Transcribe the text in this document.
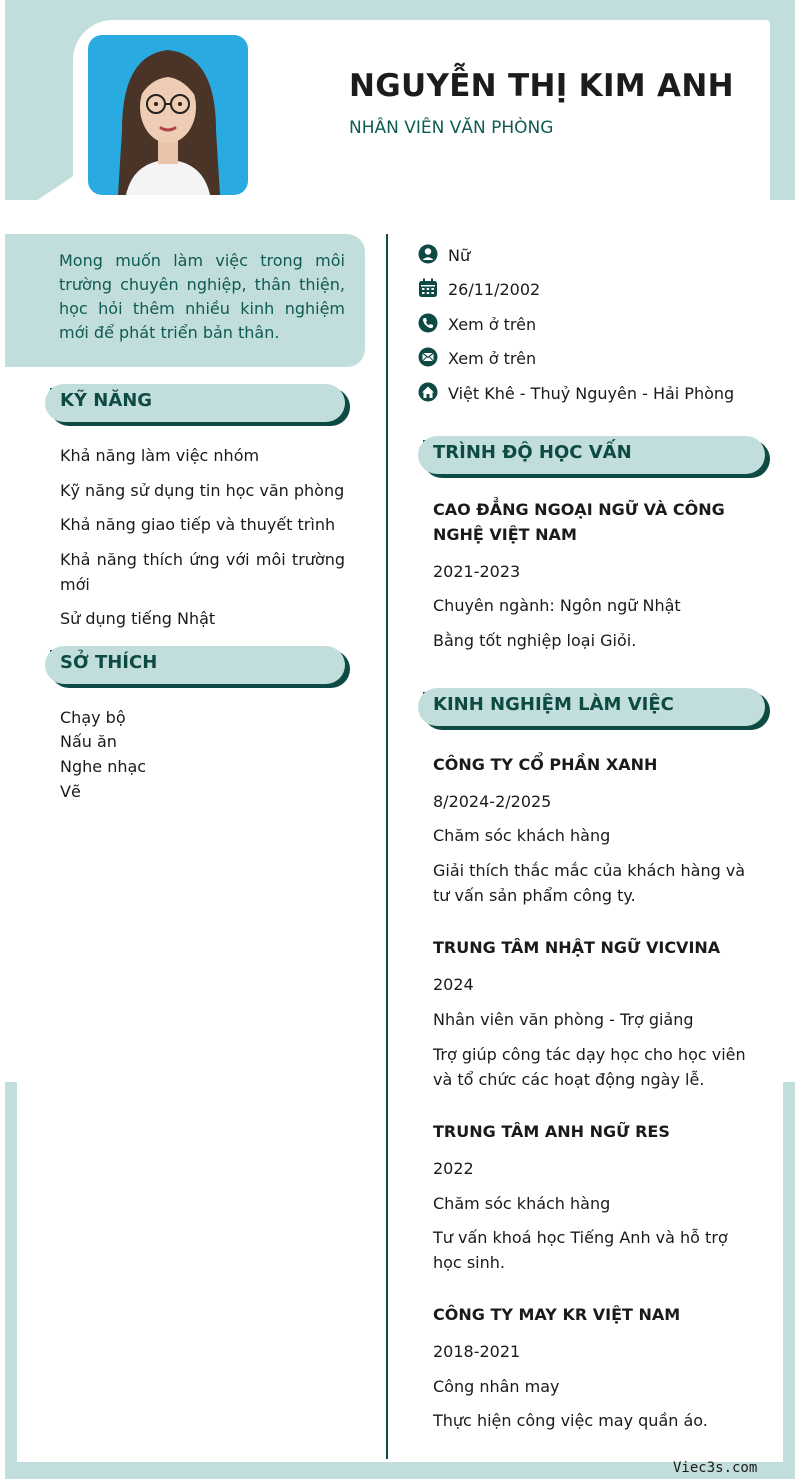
NGUYỄN THỊ KIM ANH
NHÂN VIÊN VĂN PHÒNG
Mong muốn làm việc trong môi trường chuyên nghiệp, thân thiện, học hỏi thêm nhiều kinh nghiệm mới để phát triển bản thân.
KỸ NĂNG
Khả năng làm việc nhóm
Kỹ năng sử dụng tin học văn phòng
Khả năng giao tiếp và thuyết trình
Khả năng thích ứng với môi trường mới
Sử dụng tiếng Nhật
SỞ THÍCH
Chạy bộ
Nấu ăn
Nghe nhạc
Vẽ
Nữ
26/11/2002
Xem ở trên
Xem ở trên
Việt Khê - Thuỷ Nguyên - Hải Phòng
TRÌNH ĐỘ HỌC VẤN
CAO ĐẲNG NGOẠI NGỮ VÀ CÔNG NGHỆ VIỆT NAM
2021-2023
Chuyên ngành: Ngôn ngữ Nhật
Bằng tốt nghiệp loại Giỏi.
KINH NGHIỆM LÀM VIỆC
CÔNG TY CỔ PHẦN XANH
8/2024-2/2025
Chăm sóc khách hàng
Giải thích thắc mắc của khách hàng và tư vấn sản phẩm công ty.
TRUNG TÂM NHẬT NGỮ VICVINA
2024
Nhân viên văn phòng - Trợ giảng
Trợ giúp công tác dạy học cho học viên và tổ chức các hoạt động ngày lễ.
TRUNG TÂM ANH NGỮ RES
2022
Chăm sóc khách hàng
Tư vấn khoá học Tiếng Anh và hỗ trợ học sinh.
CÔNG TY MAY KR VIỆT NAM
2018-2021
Công nhân may
Thực hiện công việc may quần áo.
Viec3s.com
